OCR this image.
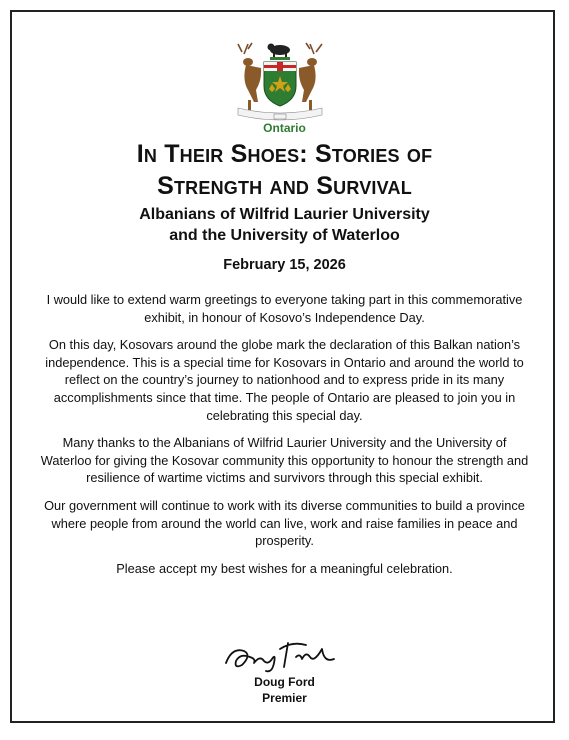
Ontario
In Their Shoes: Stories of
Strength and Survival
Albanians of Wilfrid Laurier University
and the University of Waterloo
February 15, 2026

I would like to extend warm greetings to everyone taking part in this commemorative exhibit, in honour of Kosovo’s Independence Day.

On this day, Kosovars around the globe mark the declaration of this Balkan nation’s independence. This is a special time for Kosovars in Ontario and around the world to reflect on the country’s journey to nationhood and to express pride in its many accomplishments since that time. The people of Ontario are pleased to join you in celebrating this special day.

Many thanks to the Albanians of Wilfrid Laurier University and the University of Waterloo for giving the Kosovar community this opportunity to honour the strength and resilience of wartime victims and survivors through this special exhibit.

Our government will continue to work with its diverse communities to build a province where people from around the world can live, work and raise families in peace and prosperity.

Please accept my best wishes for a meaningful celebration.

Doug Ford
Premier
